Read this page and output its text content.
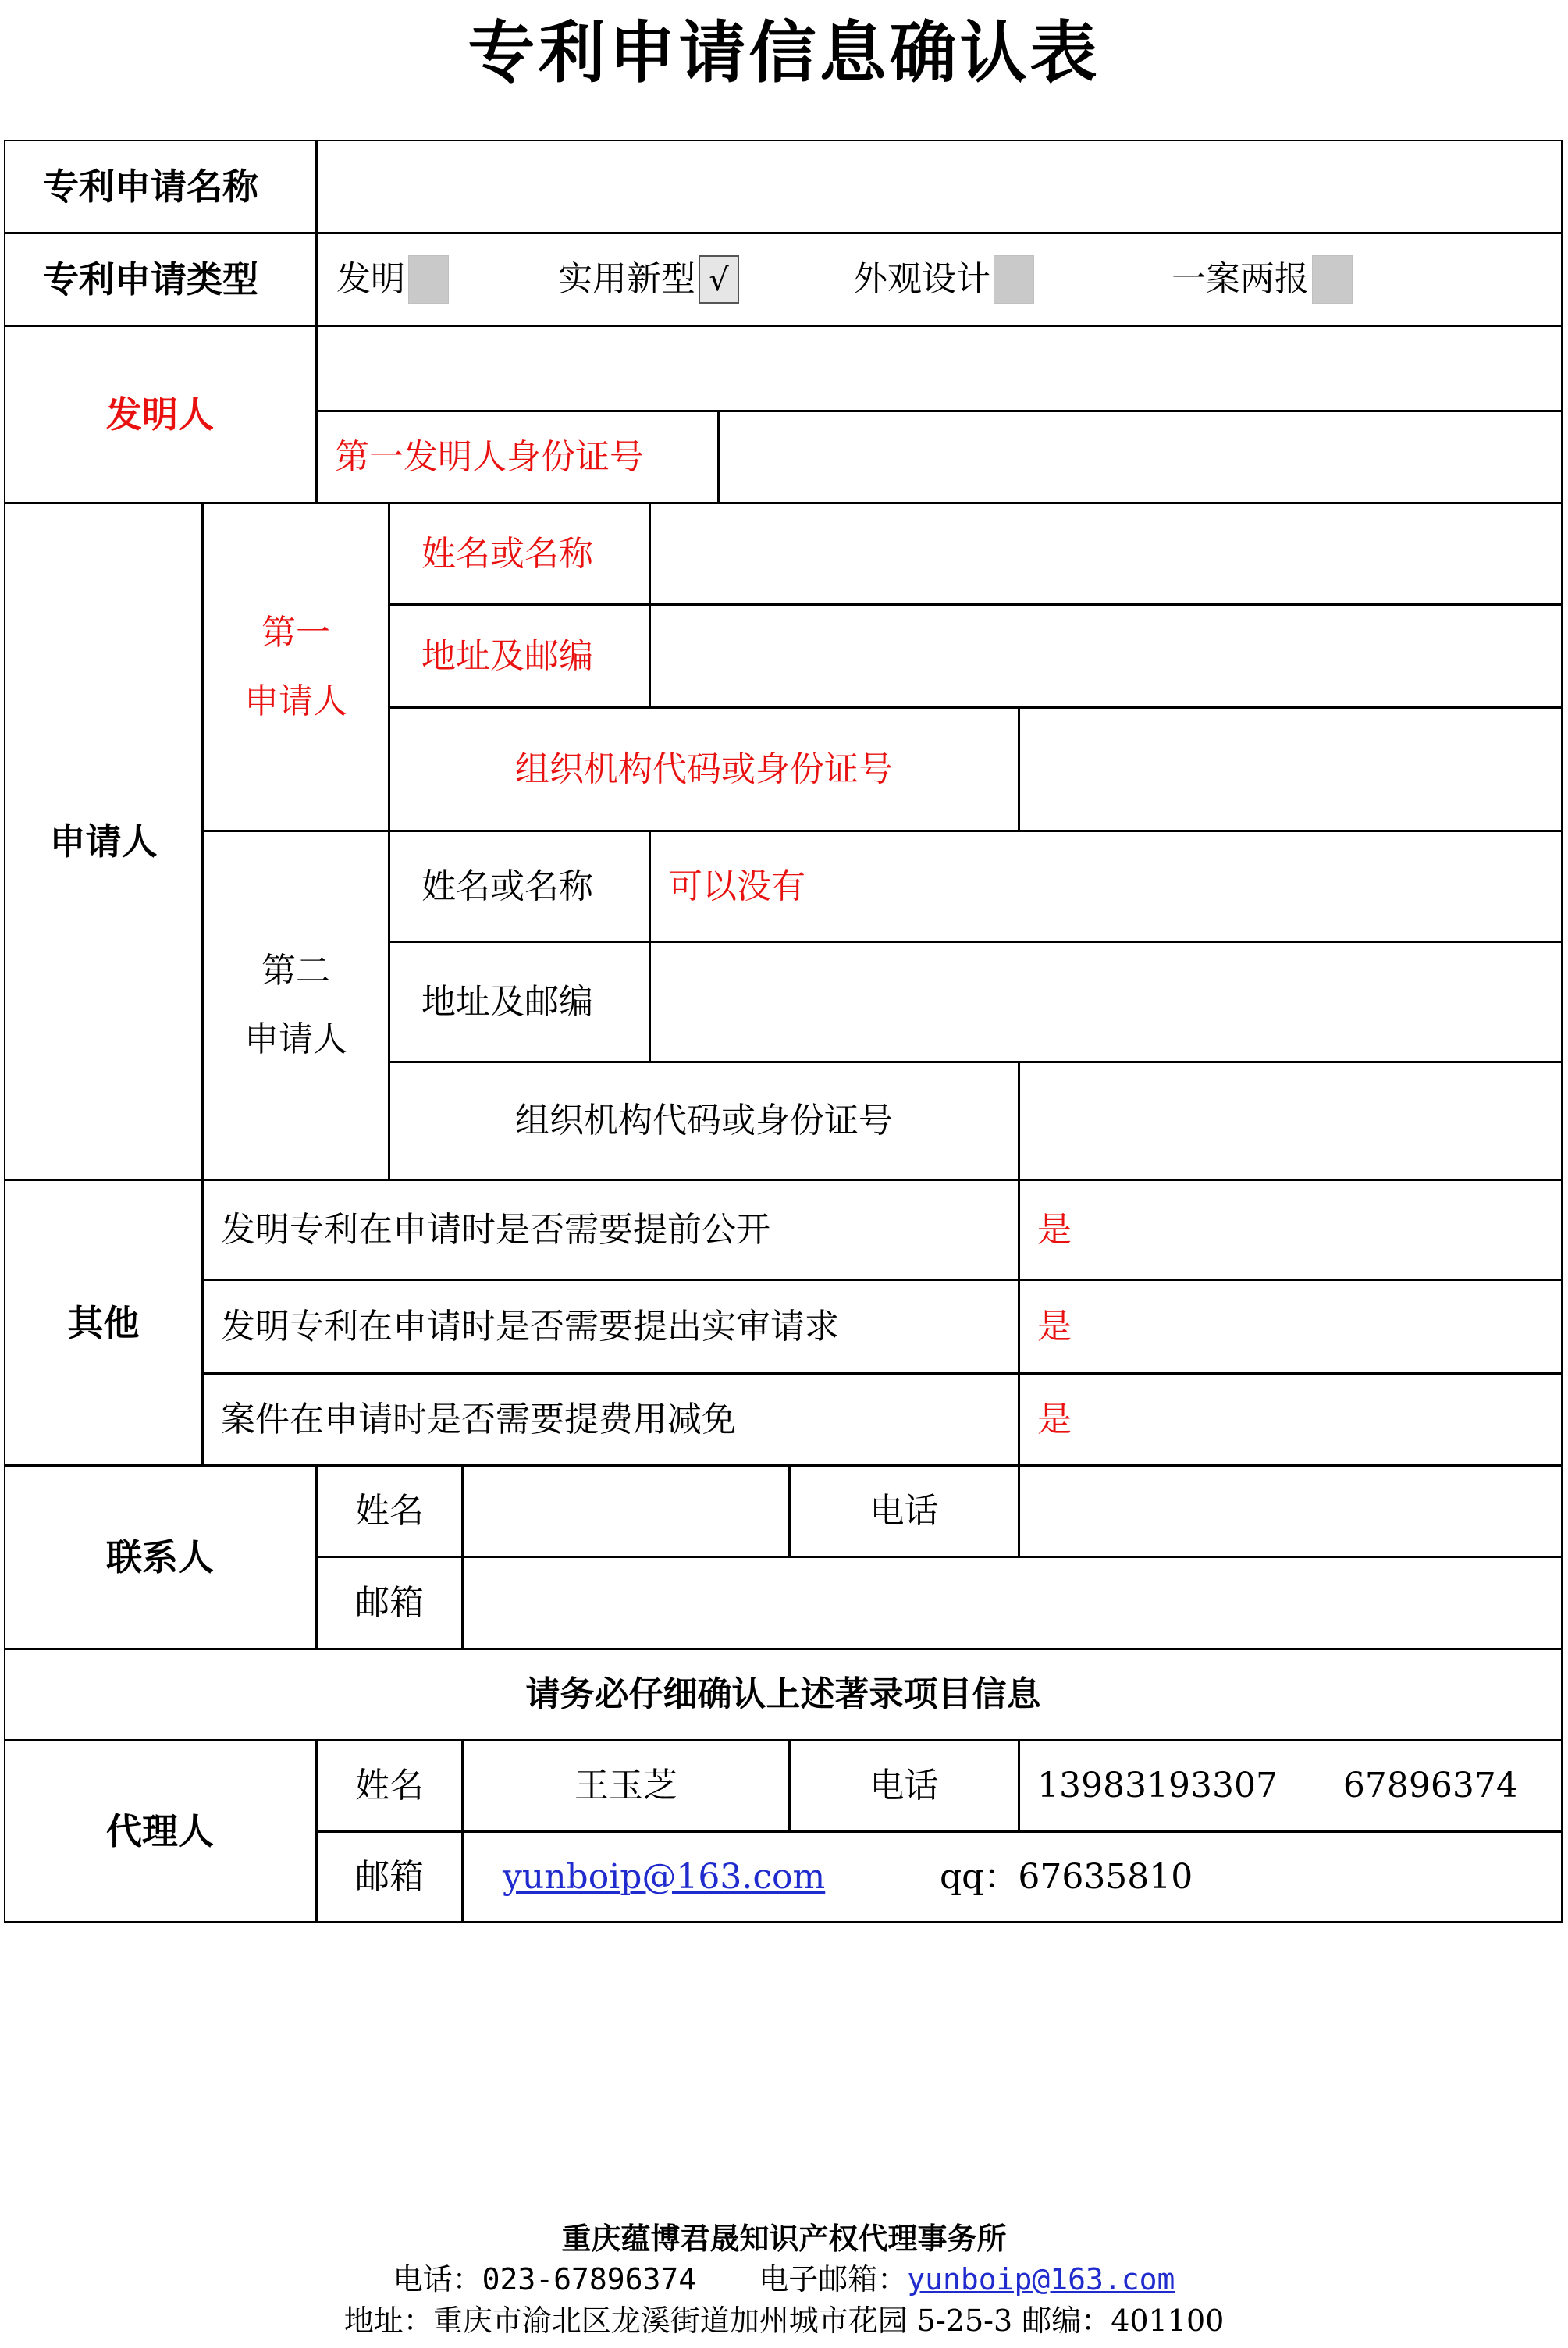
专利申请信息确认表
专利申请名称
专利申请类型 发明	实用新型 √	外观设计	一案两报
发明人
第一发明人身份证号
申请人
第一
申请人
姓名或名称
地址及邮编
组织机构代码或身份证号
第二
申请人
姓名或名称 可以没有
地址及邮编
组织机构代码或身份证号
其他
发明专利在申请时是否需要提前公开	是
发明专利在申请时是否需要提出实审请求	是
案件在申请时是否需要提费用减免	是
联系人
姓名	电话
邮箱
请务必仔细确认上述著录项目信息
代理人
姓名	王玉芝	电话	13983193307      67896374
邮箱 yunboip@163.com	qq：67635810
重庆蕴博君晟知识产权代理事务所
电话：023-67896374 电子邮箱：yunboip@163.com
地址：重庆市渝北区龙溪街道加州城市花园 5-25-3 邮编：401100
